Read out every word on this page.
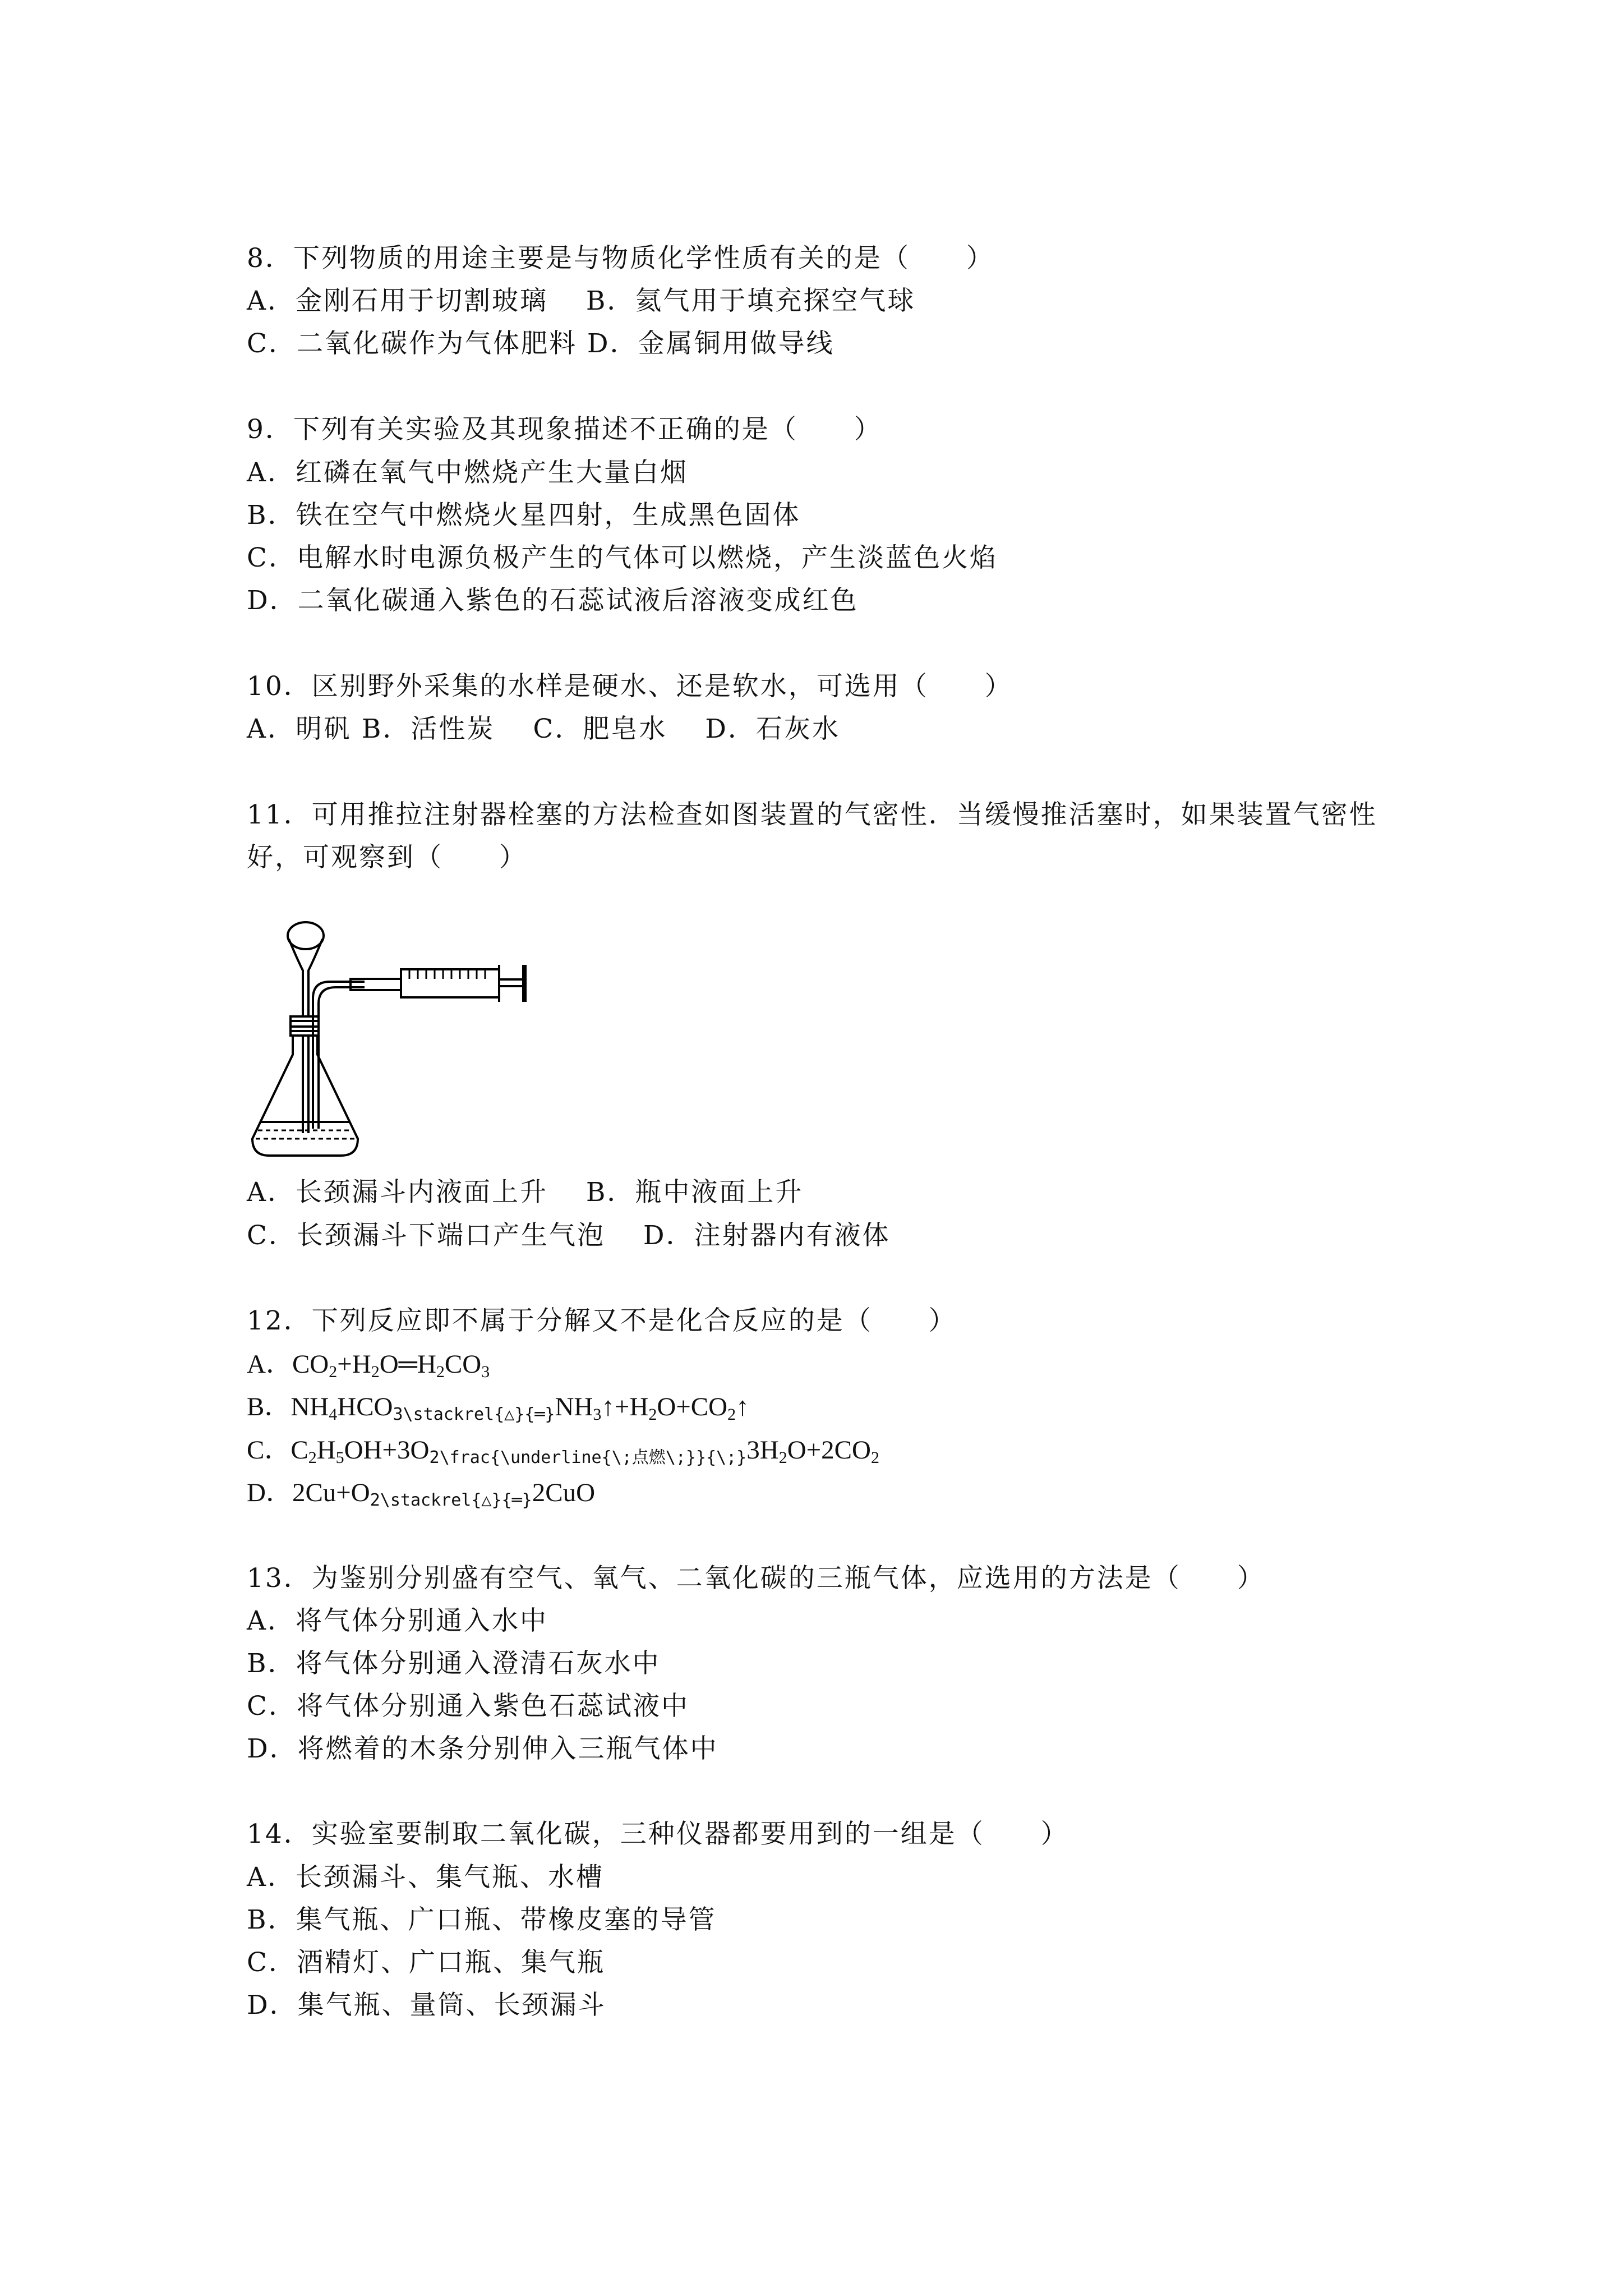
8．下列物质的用途主要是与物质化学性质有关的是（　　）
A．金刚石用于切割玻璃　 B．氦气用于填充探空气球
C．二氧化碳作为气体肥料 D．金属铜用做导线
9．下列有关实验及其现象描述不正确的是（　　）
A．红磷在氧气中燃烧产生大量白烟
B．铁在空气中燃烧火星四射，生成黑色固体
C．电解水时电源负极产生的气体可以燃烧，产生淡蓝色火焰
D．二氧化碳通入紫色的石蕊试液后溶液变成红色
10．区别野外采集的水样是硬水、还是软水，可选用（　　）
A．明矾 B．活性炭　 C．肥皂水　 D．石灰水
11．可用推拉注射器栓塞的方法检查如图装置的气密性．当缓慢推活塞时，如果装置气密性
好，可观察到（　　）
A．长颈漏斗内液面上升　 B．瓶中液面上升
C．长颈漏斗下端口产生气泡　 D．注射器内有液体
12．下列反应即不属于分解又不是化合反应的是（　　）
A．$CO_2+H_2O═H_2CO_3$
B．$NH_4HCO_{3\backslash stackrel\{\triangle\}\{═\}}NH_3↑+H_2O+CO_2↑$
C．$C_2H_5OH+3O_{2\backslash frac\{\backslash underline\{\backslash;点燃\backslash;\}\}\{\backslash;\}}3H_2O+2CO_2$
D．$2Cu+O_{2\backslash stackrel\{\triangle\}\{═\}}2CuO$
13．为鉴别分别盛有空气、氧气、二氧化碳的三瓶气体，应选用的方法是（　　）
A．将气体分别通入水中
B．将气体分别通入澄清石灰水中
C．将气体分别通入紫色石蕊试液中
D．将燃着的木条分别伸入三瓶气体中
14．实验室要制取二氧化碳，三种仪器都要用到的一组是（　　）
A．长颈漏斗、集气瓶、水槽
B．集气瓶、广口瓶、带橡皮塞的导管
C．酒精灯、广口瓶、集气瓶
D．集气瓶、量筒、长颈漏斗
